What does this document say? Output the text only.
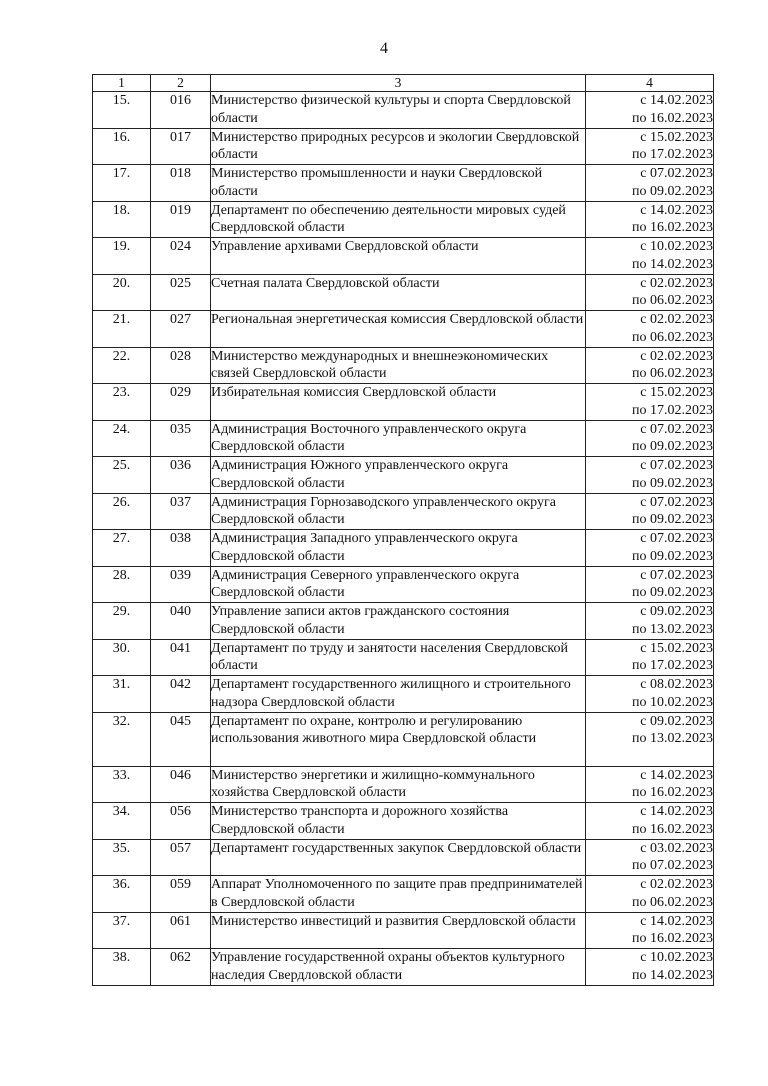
4
1	2	3	4
15.	016	Министерство физической культуры и спорта Свердловской области	с 14.02.2023
по 16.02.2023

16.	017	Министерство природных ресурсов и экологии Свердловской области	с 15.02.2023
по 17.02.2023

17.	018	Министерство промышленности и науки Свердловской области	с 07.02.2023
по 09.02.2023

18.	019	Департамент по обеспечению деятельности мировых судей Свердловской области	с 14.02.2023
по 16.02.2023

19.	024	Управление архивами Свердловской области	с 10.02.2023
по 14.02.2023

20.	025	Счетная палата Свердловской области	с 02.02.2023
по 06.02.2023

21.	027	Региональная энергетическая комиссия Свердловской области	с 02.02.2023
по 06.02.2023

22.	028	Министерство международных и внешнеэкономических связей Свердловской области	с 02.02.2023
по 06.02.2023

23.	029	Избирательная комиссия Свердловской области	с 15.02.2023
по 17.02.2023

24.	035	Администрация Восточного управленческого округа Свердловской области	с 07.02.2023
по 09.02.2023

25.	036	Администрация Южного управленческого округа Свердловской области	с 07.02.2023
по 09.02.2023

26.	037	Администрация Горнозаводского управленческого округа Свердловской области	с 07.02.2023
по 09.02.2023

27.	038	Администрация Западного управленческого округа Свердловской области	с 07.02.2023
по 09.02.2023

28.	039	Администрация Северного управленческого округа Свердловской области	с 07.02.2023
по 09.02.2023

29.	040	Управление записи актов гражданского состояния Свердловской области	с 09.02.2023
по 13.02.2023

30.	041	Департамент по труду и занятости населения Свердловской области	с 15.02.2023
по 17.02.2023

31.	042	Департамент государственного жилищного и строительного надзора Свердловской области	с 08.02.2023
по 10.02.2023

32.	045	Департамент по охране, контролю и регулированию использования животного мира Свердловской области	с 09.02.2023
по 13.02.2023

33.	046	Министерство энергетики и жилищно-коммунального хозяйства Свердловской области	с 14.02.2023
по 16.02.2023

34.	056	Министерство транспорта и дорожного хозяйства Свердловской области	с 14.02.2023
по 16.02.2023

35.	057	Департамент государственных закупок Свердловской области	с 03.02.2023
по 07.02.2023

36.	059	Аппарат Уполномоченного по защите прав предпринимателей в Свердловской области	с 02.02.2023
по 06.02.2023

37.	061	Министерство инвестиций и развития Свердловской области	с 14.02.2023
по 16.02.2023

38.	062	Управление государственной охраны объектов культурного наследия Свердловской области	с 10.02.2023
по 14.02.2023
